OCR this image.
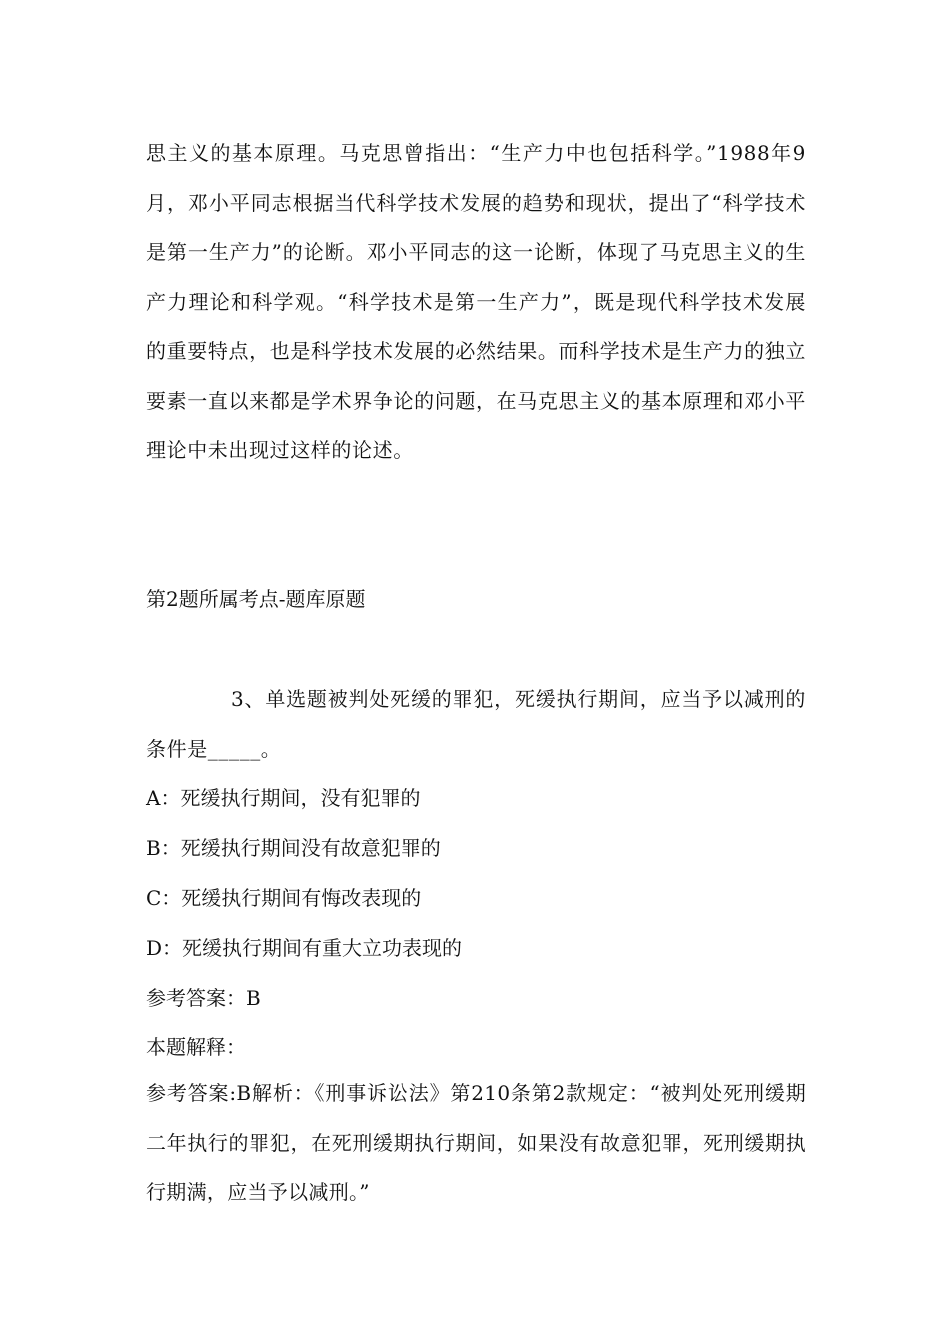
思主义的基本原理。马克思曾指出：“生产力中也包括科学。”1988年9月，邓小平同志根据当代科学技术发展的趋势和现状，提出了“科学技术是第一生产力”的论断。邓小平同志的这一论断，体现了马克思主义的生产力理论和科学观。“科学技术是第一生产力”，既是现代科学技术发展的重要特点，也是科学技术发展的必然结果。而科学技术是生产力的独立要素一直以来都是学术界争论的问题，在马克思主义的基本原理和邓小平理论中未出现过这样的论述。

第2题所属考点-题库原题

3、单选题被判处死缓的罪犯，死缓执行期间，应当予以减刑的条件是_____。

A：死缓执行期间，没有犯罪的

B：死缓执行期间没有故意犯罪的

C：死缓执行期间有悔改表现的

D：死缓执行期间有重大立功表现的

参考答案：B

本题解释：

参考答案:B解析：《刑事诉讼法》第210条第2款规定：“被判处死刑缓期二年执行的罪犯，在死刑缓期执行期间，如果没有故意犯罪，死刑缓期执行期满，应当予以减刑。”
